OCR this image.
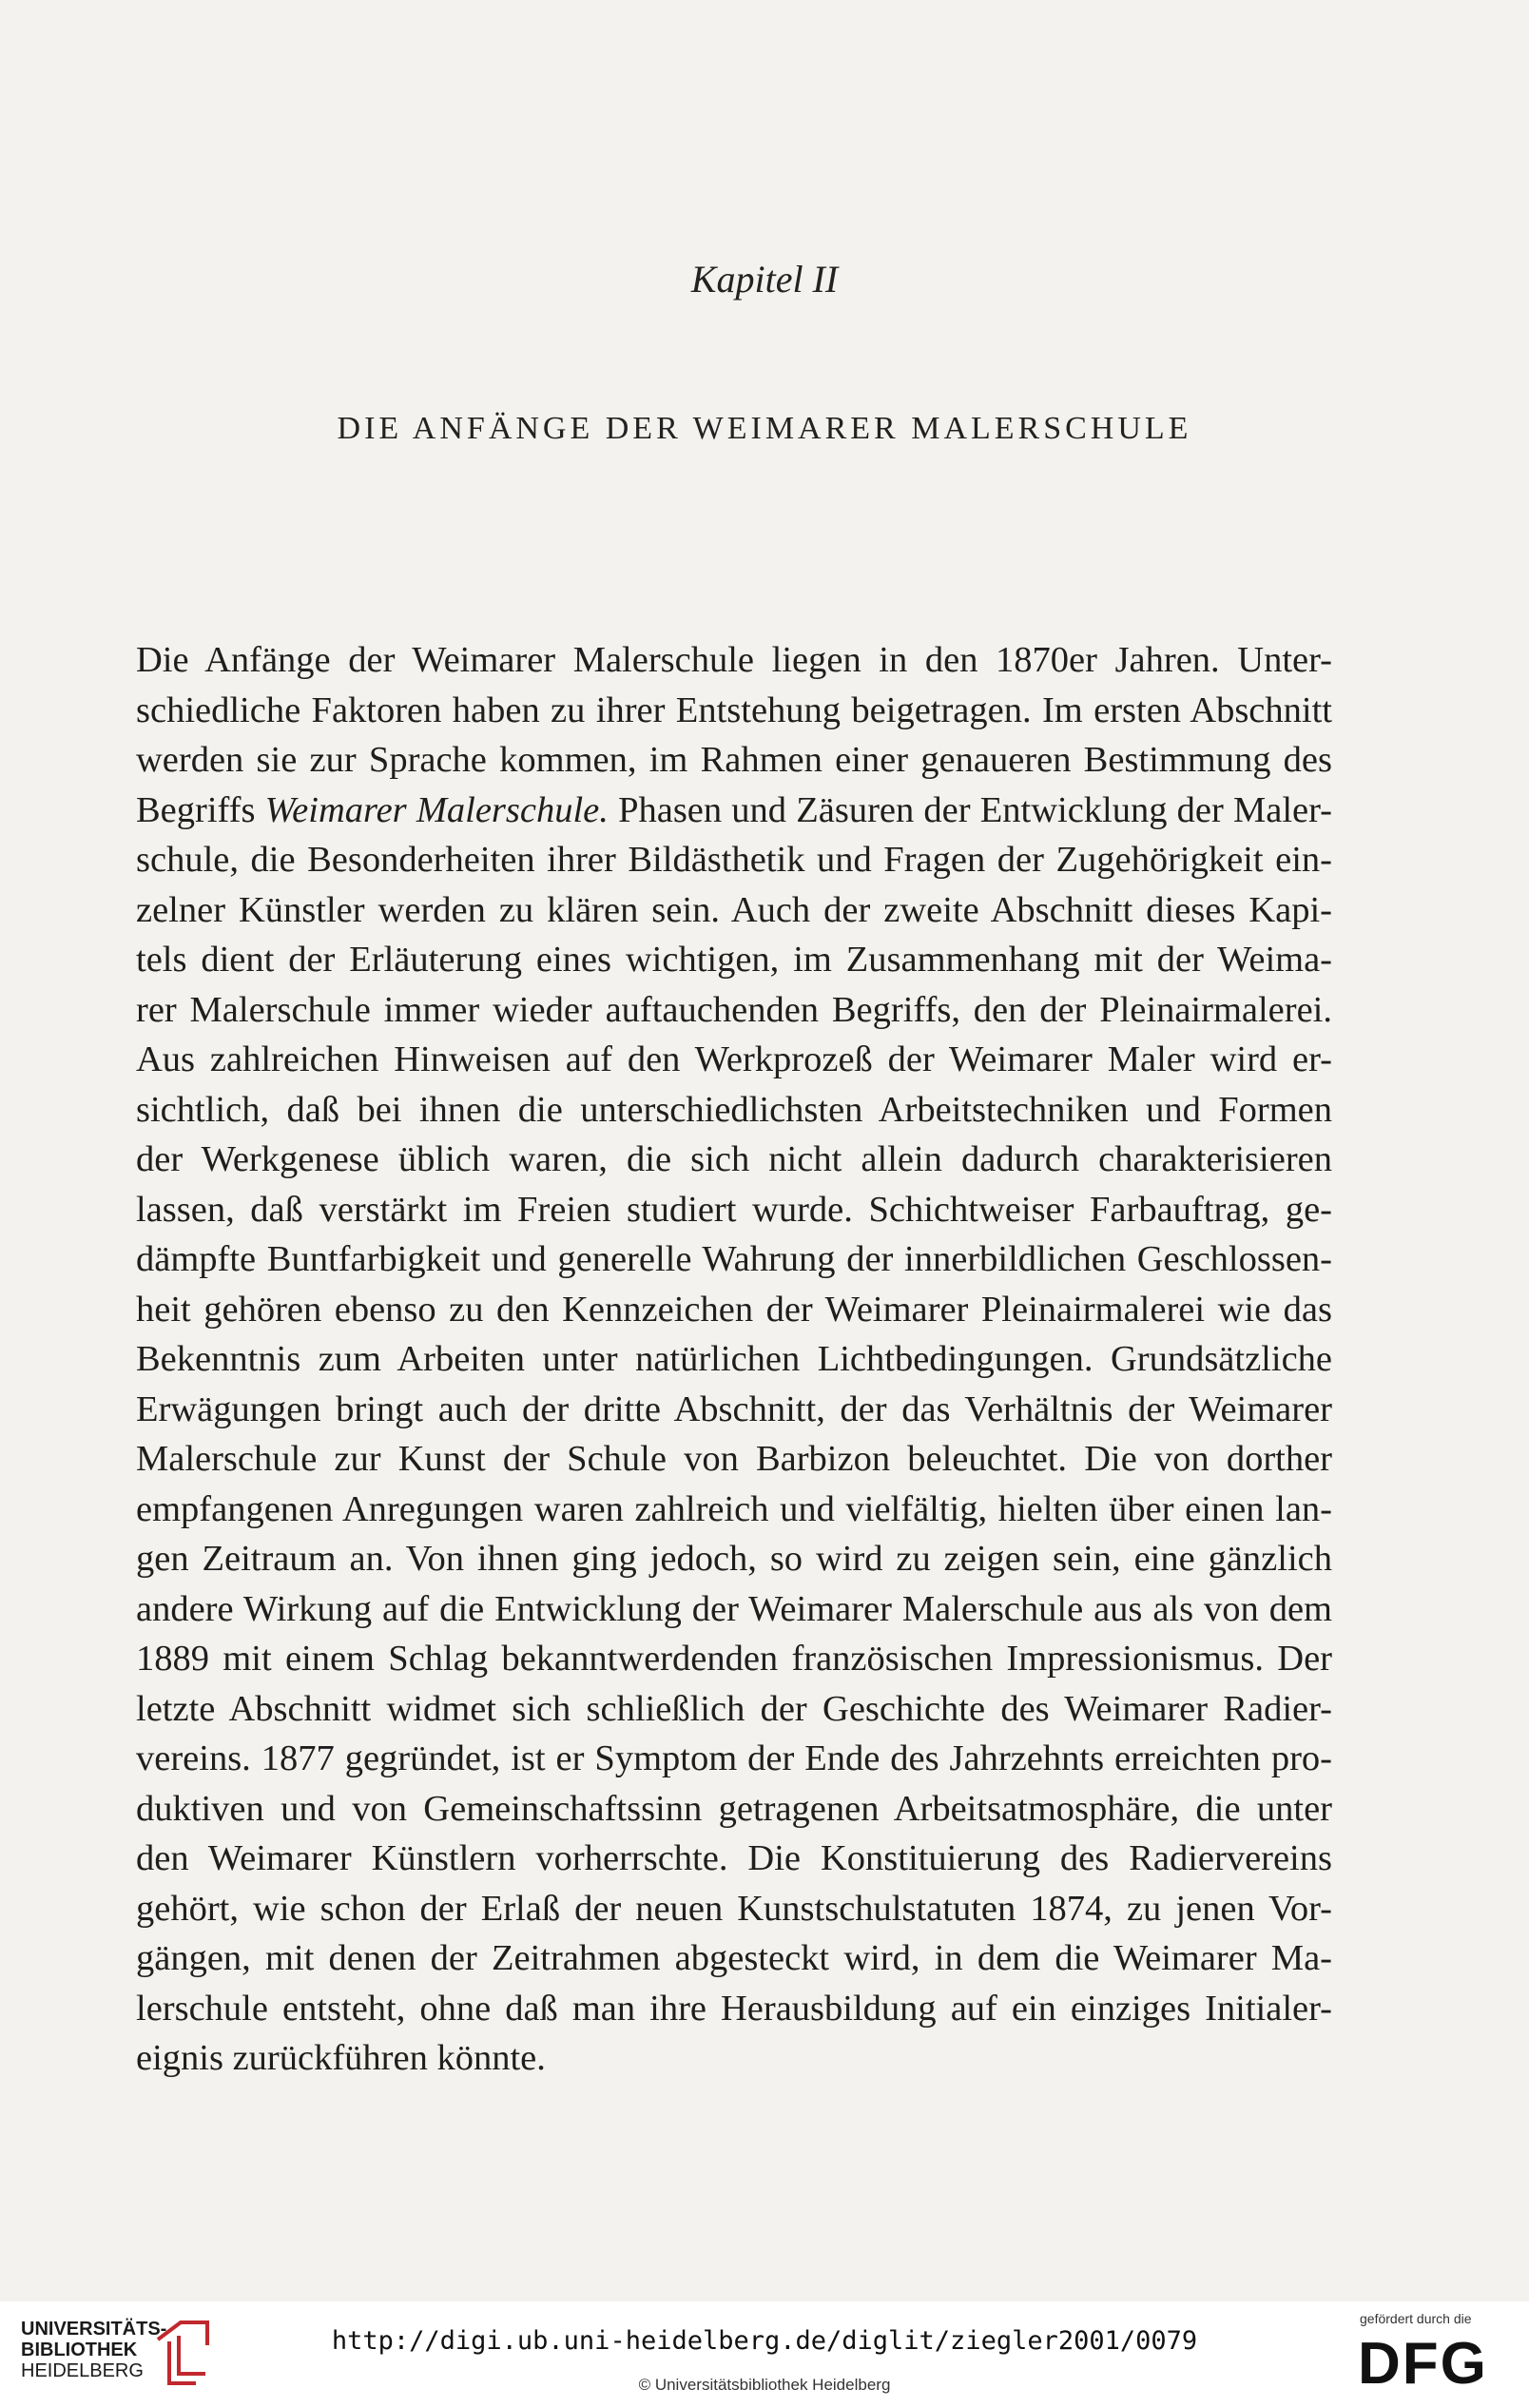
Kapitel II
DIE ANFÄNGE DER WEIMARER MALERSCHULE
Die Anfänge der Weimarer Malerschule liegen in den 1870er Jahren. Unter-
schiedliche Faktoren haben zu ihrer Entstehung beigetragen. Im ersten Abschnitt
werden sie zur Sprache kommen, im Rahmen einer genaueren Bestimmung des
Begriffs Weimarer Malerschule. Phasen und Zäsuren der Entwicklung der Maler-
schule, die Besonderheiten ihrer Bildästhetik und Fragen der Zugehörigkeit ein-
zelner Künstler werden zu klären sein. Auch der zweite Abschnitt dieses Kapi-
tels dient der Erläuterung eines wichtigen, im Zusammenhang mit der Weima-
rer Malerschule immer wieder auftauchenden Begriffs, den der Pleinairmalerei.
Aus zahlreichen Hinweisen auf den Werkprozeß der Weimarer Maler wird er-
sichtlich, daß bei ihnen die unterschiedlichsten Arbeitstechniken und Formen
der Werkgenese üblich waren, die sich nicht allein dadurch charakterisieren
lassen, daß verstärkt im Freien studiert wurde. Schichtweiser Farbauftrag, ge-
dämpfte Buntfarbigkeit und generelle Wahrung der innerbildlichen Geschlossen-
heit gehören ebenso zu den Kennzeichen der Weimarer Pleinairmalerei wie das
Bekenntnis zum Arbeiten unter natürlichen Lichtbedingungen. Grundsätzliche
Erwägungen bringt auch der dritte Abschnitt, der das Verhältnis der Weimarer
Malerschule zur Kunst der Schule von Barbizon beleuchtet. Die von dorther
empfangenen Anregungen waren zahlreich und vielfältig, hielten über einen lan-
gen Zeitraum an. Von ihnen ging jedoch, so wird zu zeigen sein, eine gänzlich
andere Wirkung auf die Entwicklung der Weimarer Malerschule aus als von dem
1889 mit einem Schlag bekanntwerdenden französischen Impressionismus. Der
letzte Abschnitt widmet sich schließlich der Geschichte des Weimarer Radier-
vereins. 1877 gegründet, ist er Symptom der Ende des Jahrzehnts erreichten pro-
duktiven und von Gemeinschaftssinn getragenen Arbeitsatmosphäre, die unter
den Weimarer Künstlern vorherrschte. Die Konstituierung des Radiervereins
gehört, wie schon der Erlaß der neuen Kunstschulstatuten 1874, zu jenen Vor-
gängen, mit denen der Zeitrahmen abgesteckt wird, in dem die Weimarer Ma-
lerschule entsteht, ohne daß man ihre Herausbildung auf ein einziges Initialer-
eignis zurückführen könnte.
UNIVERSITÄTS-
BIBLIOTHEK
HEIDELBERG
http://digi.ub.uni-heidelberg.de/diglit/ziegler2001/0079
© Universitätsbibliothek Heidelberg
gefördert durch die
DFG
